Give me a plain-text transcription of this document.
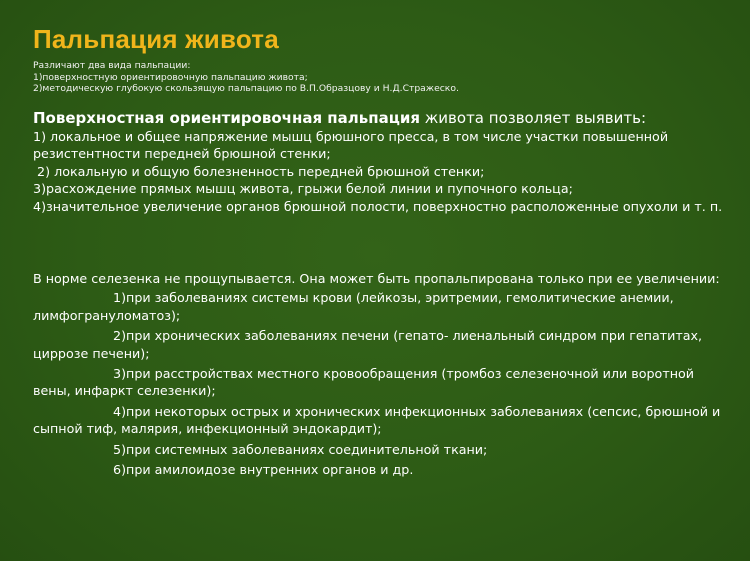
Пальпация живота
Различают два вида пальпации:
1)поверхностную ориентировочную пальпацию живота;
2)методическую глубокую скользящую пальпацию по В.П.Образцову и Н.Д.Стражеско.
Поверхностная ориентировочная пальпация живота позволяет выявить:
1) локальное и общее напряжение мышц брюшного пресса, в том числе участки повышенной резистентности передней брюшной стенки;
2) локальную и общую болезненность передней брюшной стенки;
3)расхождение прямых мышц живота, грыжи белой линии и пупочного кольца;
4)значительное увеличение органов брюшной полости, поверхностно расположенные опухоли и т. п.
В норме селезенка не прощупывается. Она может быть пропальпирована только при ее увеличении:
1)при заболеваниях системы крови (лейкозы, эритремии, гемолитические анемии, лимфогрануломатоз);
2)при хронических заболеваниях печени (гепато- лиенальный синдром при гепатитах, циррозе печени);
3)при расстройствах местного кровообращения (тромбоз селезеночной или воротной вены, инфаркт селезенки);
4)при некоторых острых и хронических инфекционных заболеваниях (сепсис, брюшной и сыпной тиф, малярия, инфекционный эндокардит);
5)при системных заболеваниях соединительной ткани;
6)при амилоидозе внутренних органов и др.
